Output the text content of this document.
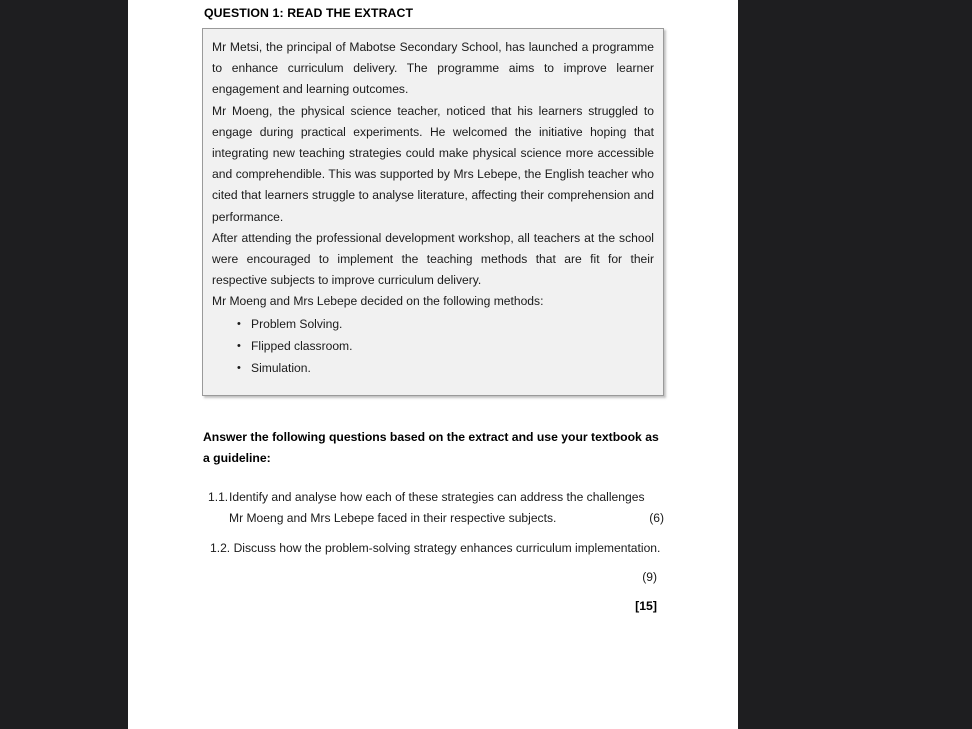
QUESTION 1: READ THE EXTRACT

Mr Metsi, the principal of Mabotse Secondary School, has launched a programme to enhance curriculum delivery. The programme aims to improve learner engagement and learning outcomes.

Mr Moeng, the physical science teacher, noticed that his learners struggled to engage during practical experiments. He welcomed the initiative hoping that integrating new teaching strategies could make physical science more accessible and comprehendible. This was supported by Mrs Lebepe, the English teacher who cited that learners struggle to analyse literature, affecting their comprehension and performance.

After attending the professional development workshop, all teachers at the school were encouraged to implement the teaching methods that are fit for their respective subjects to improve curriculum delivery.

Mr Moeng and Mrs Lebepe decided on the following methods:

• Problem Solving.
• Flipped classroom.
• Simulation.
Answer the following questions based on the extract and use your textbook as a guideline:
1.1. Identify and analyse how each of these strategies can address the challenges
Mr Moeng and Mrs Lebepe faced in their respective subjects.	(6)
1.2. Discuss how the problem-solving strategy enhances curriculum implementation.
(9)
[15]
